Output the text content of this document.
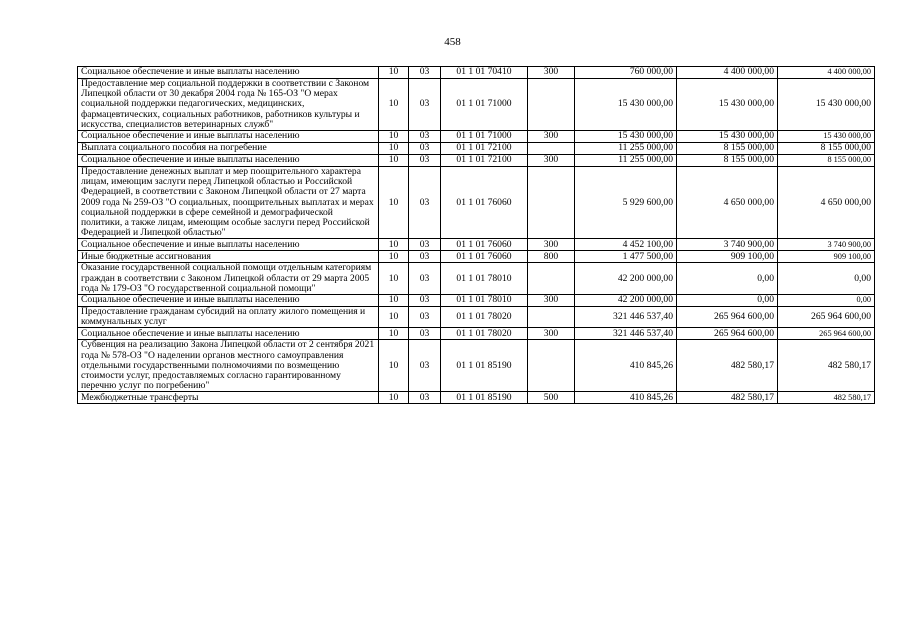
458
Социальное обеспечение и иные выплаты населению	10	03	01 1 01 70410	300	760 000,00	4 400 000,00	4 400 000,00
Предоставление мер социальной поддержки в соответствии с Законом Липецкой области от 30 декабря 2004 года № 165-ОЗ "О мерах социальной поддержки педагогических, медицинских, фармацевтических, социальных работников, работников культуры и искусства, специалистов ветеринарных служб"	10	03	01 1 01 71000		15 430 000,00	15 430 000,00	15 430 000,00
Социальное обеспечение и иные выплаты населению	10	03	01 1 01 71000	300	15 430 000,00	15 430 000,00	15 430 000,00
Выплата социального пособия на погребение	10	03	01 1 01 72100		11 255 000,00	8 155 000,00	8 155 000,00
Социальное обеспечение и иные выплаты населению	10	03	01 1 01 72100	300	11 255 000,00	8 155 000,00	8 155 000,00
Предоставление денежных выплат и мер поощрительного характера лицам, имеющим заслуги перед Липецкой областью и Российской Федерацией, в соответствии с Законом Липецкой области от 27 марта 2009 года № 259-ОЗ "О социальных, поощрительных выплатах и мерах социальной поддержки в сфере семейной и демографической политики, а также лицам, имеющим особые заслуги перед Российской Федерацией и Липецкой областью"	10	03	01 1 01 76060		5 929 600,00	4 650 000,00	4 650 000,00
Социальное обеспечение и иные выплаты населению	10	03	01 1 01 76060	300	4 452 100,00	3 740 900,00	3 740 900,00
Иные бюджетные ассигнования	10	03	01 1 01 76060	800	1 477 500,00	909 100,00	909 100,00
Оказание государственной социальной помощи отдельным категориям граждан в соответствии с Законом Липецкой области от 29 марта 2005 года № 179-ОЗ "О государственной социальной помощи"	10	03	01 1 01 78010		42 200 000,00	0,00	0,00
Социальное обеспечение и иные выплаты населению	10	03	01 1 01 78010	300	42 200 000,00	0,00	0,00
Предоставление гражданам субсидий на оплату жилого помещения и коммунальных услуг	10	03	01 1 01 78020		321 446 537,40	265 964 600,00	265 964 600,00
Социальное обеспечение и иные выплаты населению	10	03	01 1 01 78020	300	321 446 537,40	265 964 600,00	265 964 600,00
Субвенция на реализацию Закона Липецкой области от 2 сентября 2021 года № 578-ОЗ "О наделении органов местного самоуправления отдельными государственными полномочиями по возмещению стоимости услуг, предоставляемых согласно гарантированному перечню услуг по погребению"	10	03	01 1 01 85190		410 845,26	482 580,17	482 580,17
Межбюджетные трансферты	10	03	01 1 01 85190	500	410 845,26	482 580,17	482 580,17
